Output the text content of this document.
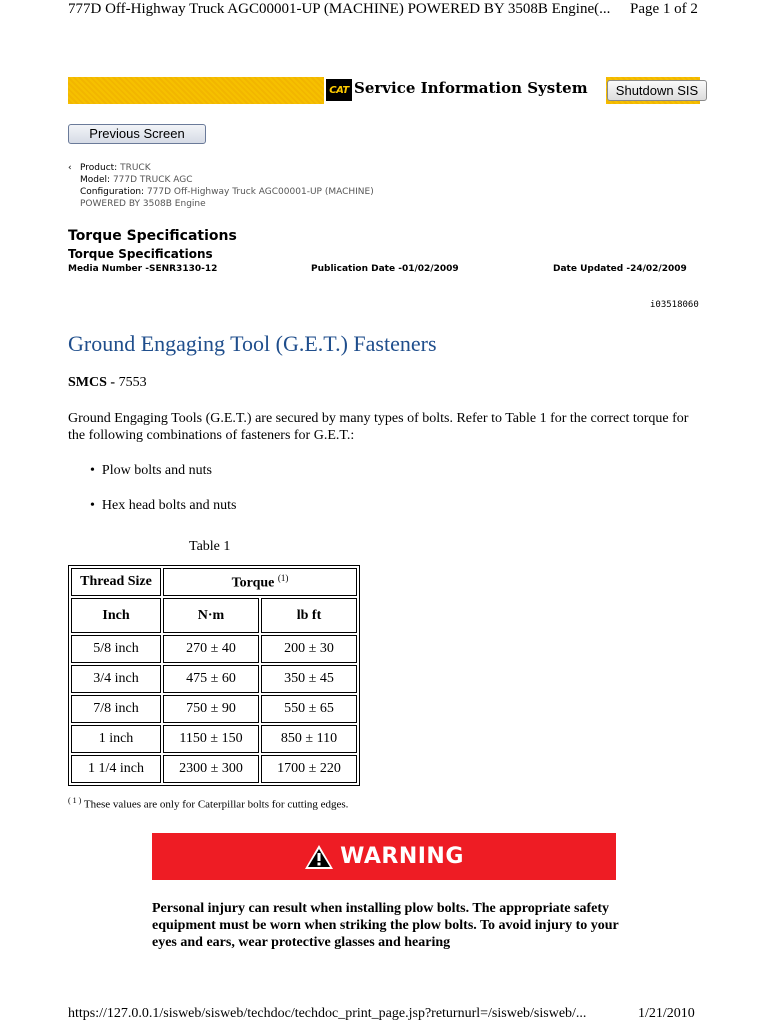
777D Off-Highway Truck AGC00001-UP (MACHINE) POWERED BY 3508B Engine(... Page 1 of 2
CAT Service Information System	Shutdown SIS
Previous Screen
‹ Product: TRUCK
Model: 777D TRUCK AGC
Configuration: 777D Off-Highway Truck AGC00001-UP (MACHINE)
POWERED BY 3508B Engine
Torque Specifications
Torque Specifications
Media Number -SENR3130-12	Publication Date -01/02/2009	Date Updated -24/02/2009
i03518060
Ground Engaging Tool (G.E.T.) Fasteners
SMCS - 7553
Ground Engaging Tools (G.E.T.) are secured by many types of bolts. Refer to Table 1 for the correct torque for the following combinations of fasteners for G.E.T.:
•  Plow bolts and nuts
•  Hex head bolts and nuts
Table 1
Thread Size	Torque $^{(1)}$
Inch	N·m	lb ft
5/8 inch	270 ± 40	200 ± 30
3/4 inch	475 ± 60	350 ± 45
7/8 inch	750 ± 90	550 ± 65
1 inch	1150 ± 150	850 ± 110
1 1/4 inch	2300 ± 300	1700 ± 220
$^{( 1 )}$ These values are only for Caterpillar bolts for cutting edges.
WARNING
Personal injury can result when installing plow bolts. The appropriate safety equipment must be worn when striking the plow bolts. To avoid injury to your eyes and ears, wear protective glasses and hearing
https://127.0.0.1/sisweb/sisweb/techdoc/techdoc_print_page.jsp?returnurl=/sisweb/sisweb/...	1/21/2010
